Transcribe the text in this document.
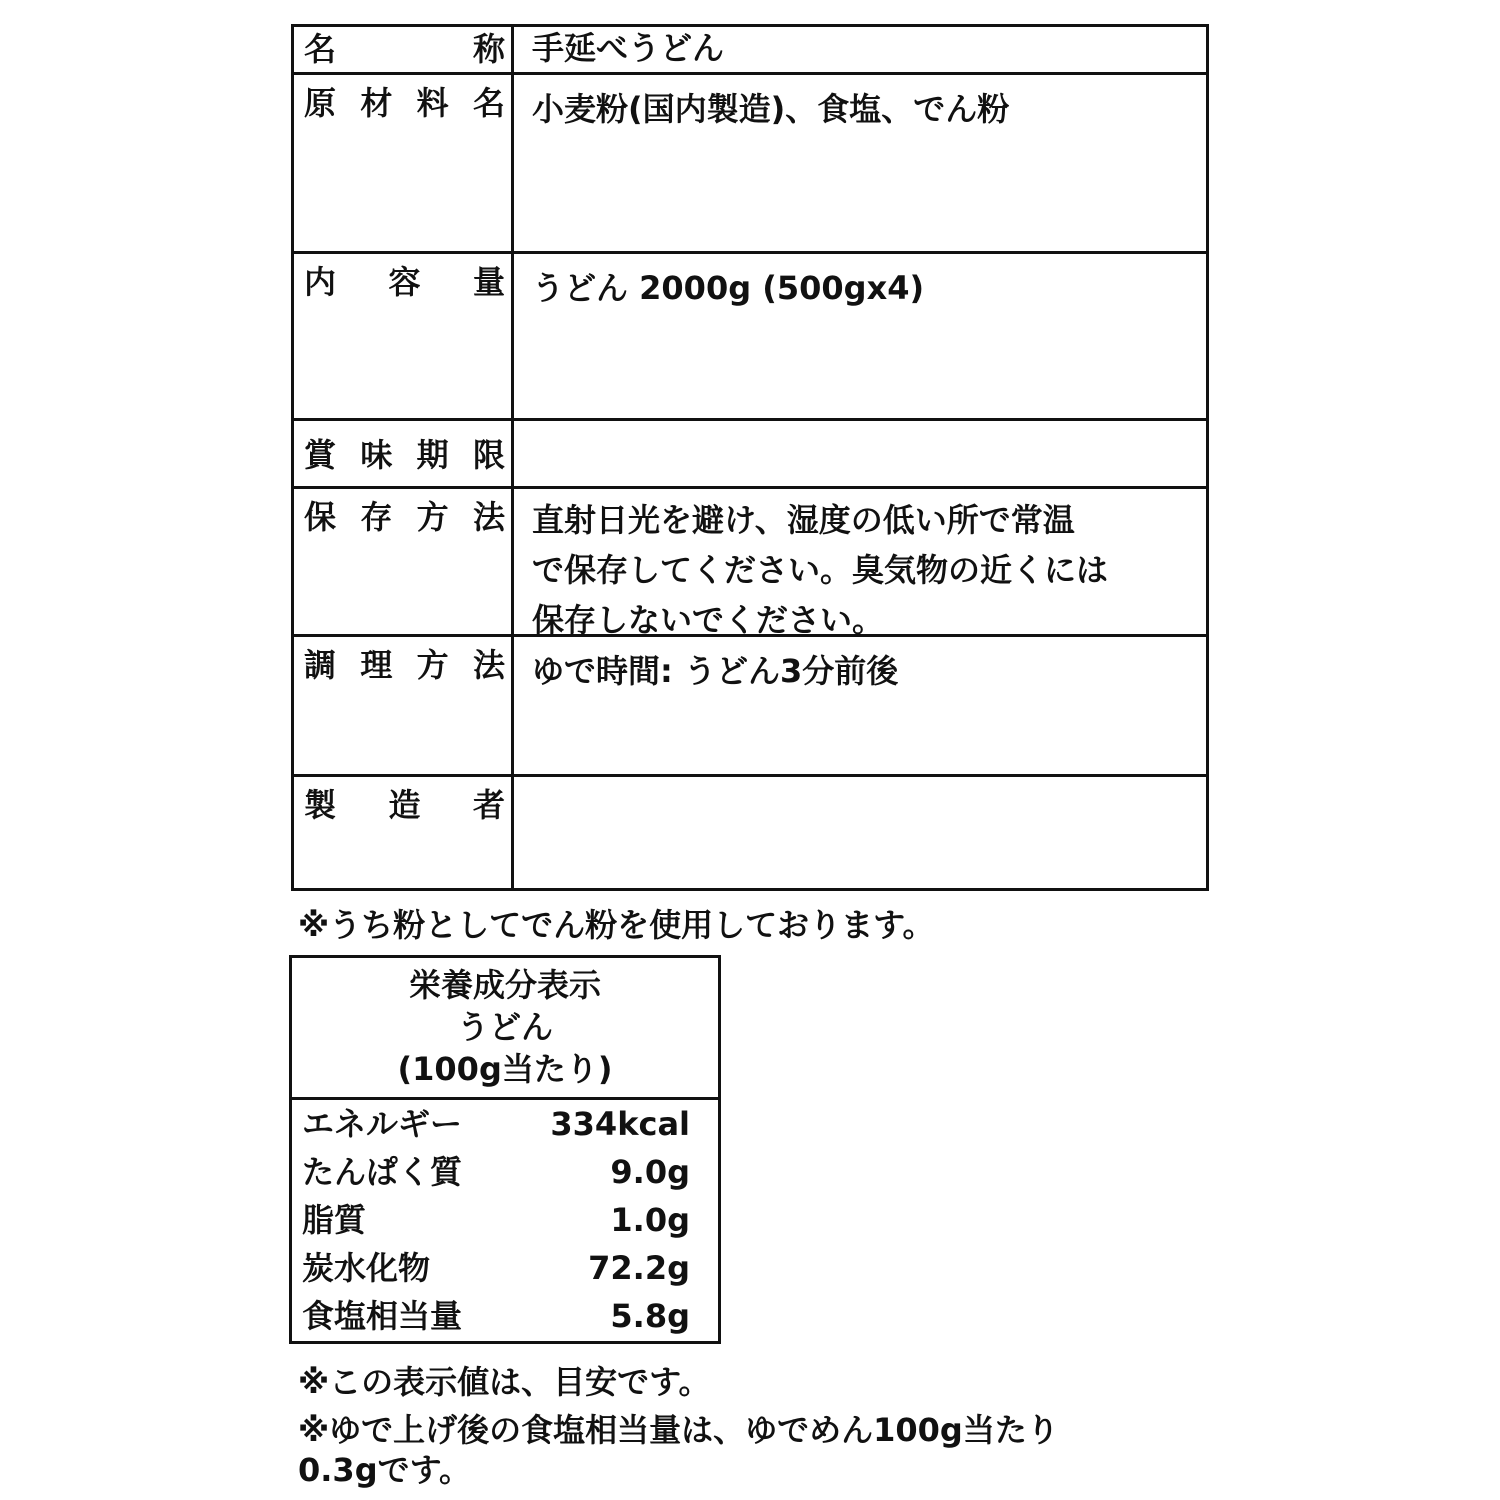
名称 手延べうどん
原材料名 小麦粉(国内製造)、食塩、でん粉
内容量 うどん 2000g (500gx4)
賞味期限
保存方法 直射日光を避け、湿度の低い所で常温
で保存してください。臭気物の近くには
保存しないでください。
調理方法 ゆで時間: うどん3分前後
製造者
※うち粉としてでん粉を使用しております。
栄養成分表示
うどん
(100g当たり)
エネルギー	334kcal
たんぱく質	9.0g
脂質	1.0g
炭水化物	72.2g
食塩相当量	5.8g
※この表示値は、目安です。
※ゆで上げ後の食塩相当量は、ゆでめん100g当たり
0.3gです。
